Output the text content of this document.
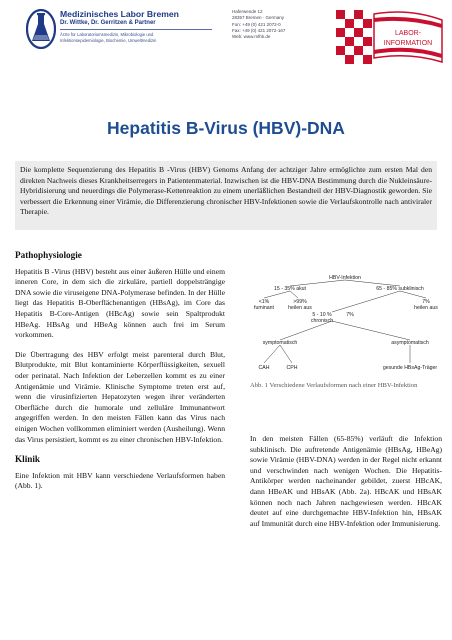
Medizinisches Labor Bremen
Dr. Wittke, Dr. Gerritzen & Partner
Ärzte für Laboratoriumsmedizin, Mikrobiologie und
Infektionsepidemiologie, Biochemie, Umweltmedizin
Haferwende 12
28357 Bremen · Germany
Fon: +49 (0) 421 2072-0
Fax: +49 (0) 421 2072-167
Web: www.mlhb.de	LABOR-
INFORMATION
Hepatitis B-Virus (HBV)-DNA
Die komplette Sequenzierung des Hepatitis B -Virus (HBV) Genoms Anfang der achtziger Jahre ermöglichte zum ersten Mal den direkten Nachweis dieses Krankheitserregers in Patientenmaterial. Inzwischen ist die HBV-DNA Bestimmung durch die Nukleinsäure-Hybridisierung und neuerdings die Polymerase-Kettenreaktion zu einem unerläßlichen Bestandteil der HBV-Diagnostik geworden. Sie verbessert die Erkennung einer Virämie, die Differenzierung chronischer HBV-Infektionen sowie die Verlaufskontrolle nach antiviraler Therapie.
Pathophysiologie
Hepatitis B -Virus (HBV) besteht aus einer äußeren Hülle und einem inneren Core, in dem sich die zirkuläre, partiell doppelsträngige DNA sowie die viruseigene DNA-Polymerase befinden. In der Hülle liegt das Hepatitis B-Oberflächenantigen (HBsAg), im Core das Hepatitis B-Core-Antigen (HBcAg) sowie sein Spaltprodukt HBeAg. HBsAg und HBeAg können auch frei im Serum vorkommen.
Die Übertragung des HBV erfolgt meist parenteral durch Blut, Blutprodukte, mit Blut kontaminierte Körperflüssigkeiten, sexuell oder perinatal. Nach Infektion der Leberzellen kommt es zu einer Antigenämie und Virämie. Klinische Symptome treten erst auf, wenn die virusinfizierten Hepatozyten wegen ihrer veränderten Oberfläche durch die humorale und zelluläre Immunantwort angegriffen werden. In den meisten Fällen kann das Virus nach einigen Wochen vollkommen eliminiert werden (Ausheilung). Wenn das Virus persistiert, kommt es zu einer chronischen HBV-Infektion.
Klinik
Eine Infektion mit HBV kann verschiedene Verlaufsformen haben (Abb. 1).
HBV-Infektion
15 - 35% akut	65 - 85% subklinisch
<1%
fuminant
>99%
heilen aus
7%
heilen aus
5 - 10 %
chronisch
7%
symptomatisch	asymptomatisch
CAH	CPH	gesunde HBsAg-Träger
Abb. 1 Verschiedene Verlaufsformen nach einer HBV-Infektion
In den meisten Fällen (65-85%) verläuft die Infektion subklinisch. Die auftretende Antigenämie (HBsAg, HBeAg) sowie Virämie (HBV-DNA) werden in der Regel nicht erkannt und verschwinden nach wenigen Wochen. Die Hepatitis-Antikörper werden nacheinander gebildet, zuerst HBcAK, dann HBeAK und HBsAK (Abb. 2a). HBcAK und HBsAK können noch nach Jahren nachgewiesen werden. HBcAK deutet auf eine durchgemachte HBV-Infektion hin, HBsAK auf Immunität durch eine HBV-Infektion oder Immunisierung.
